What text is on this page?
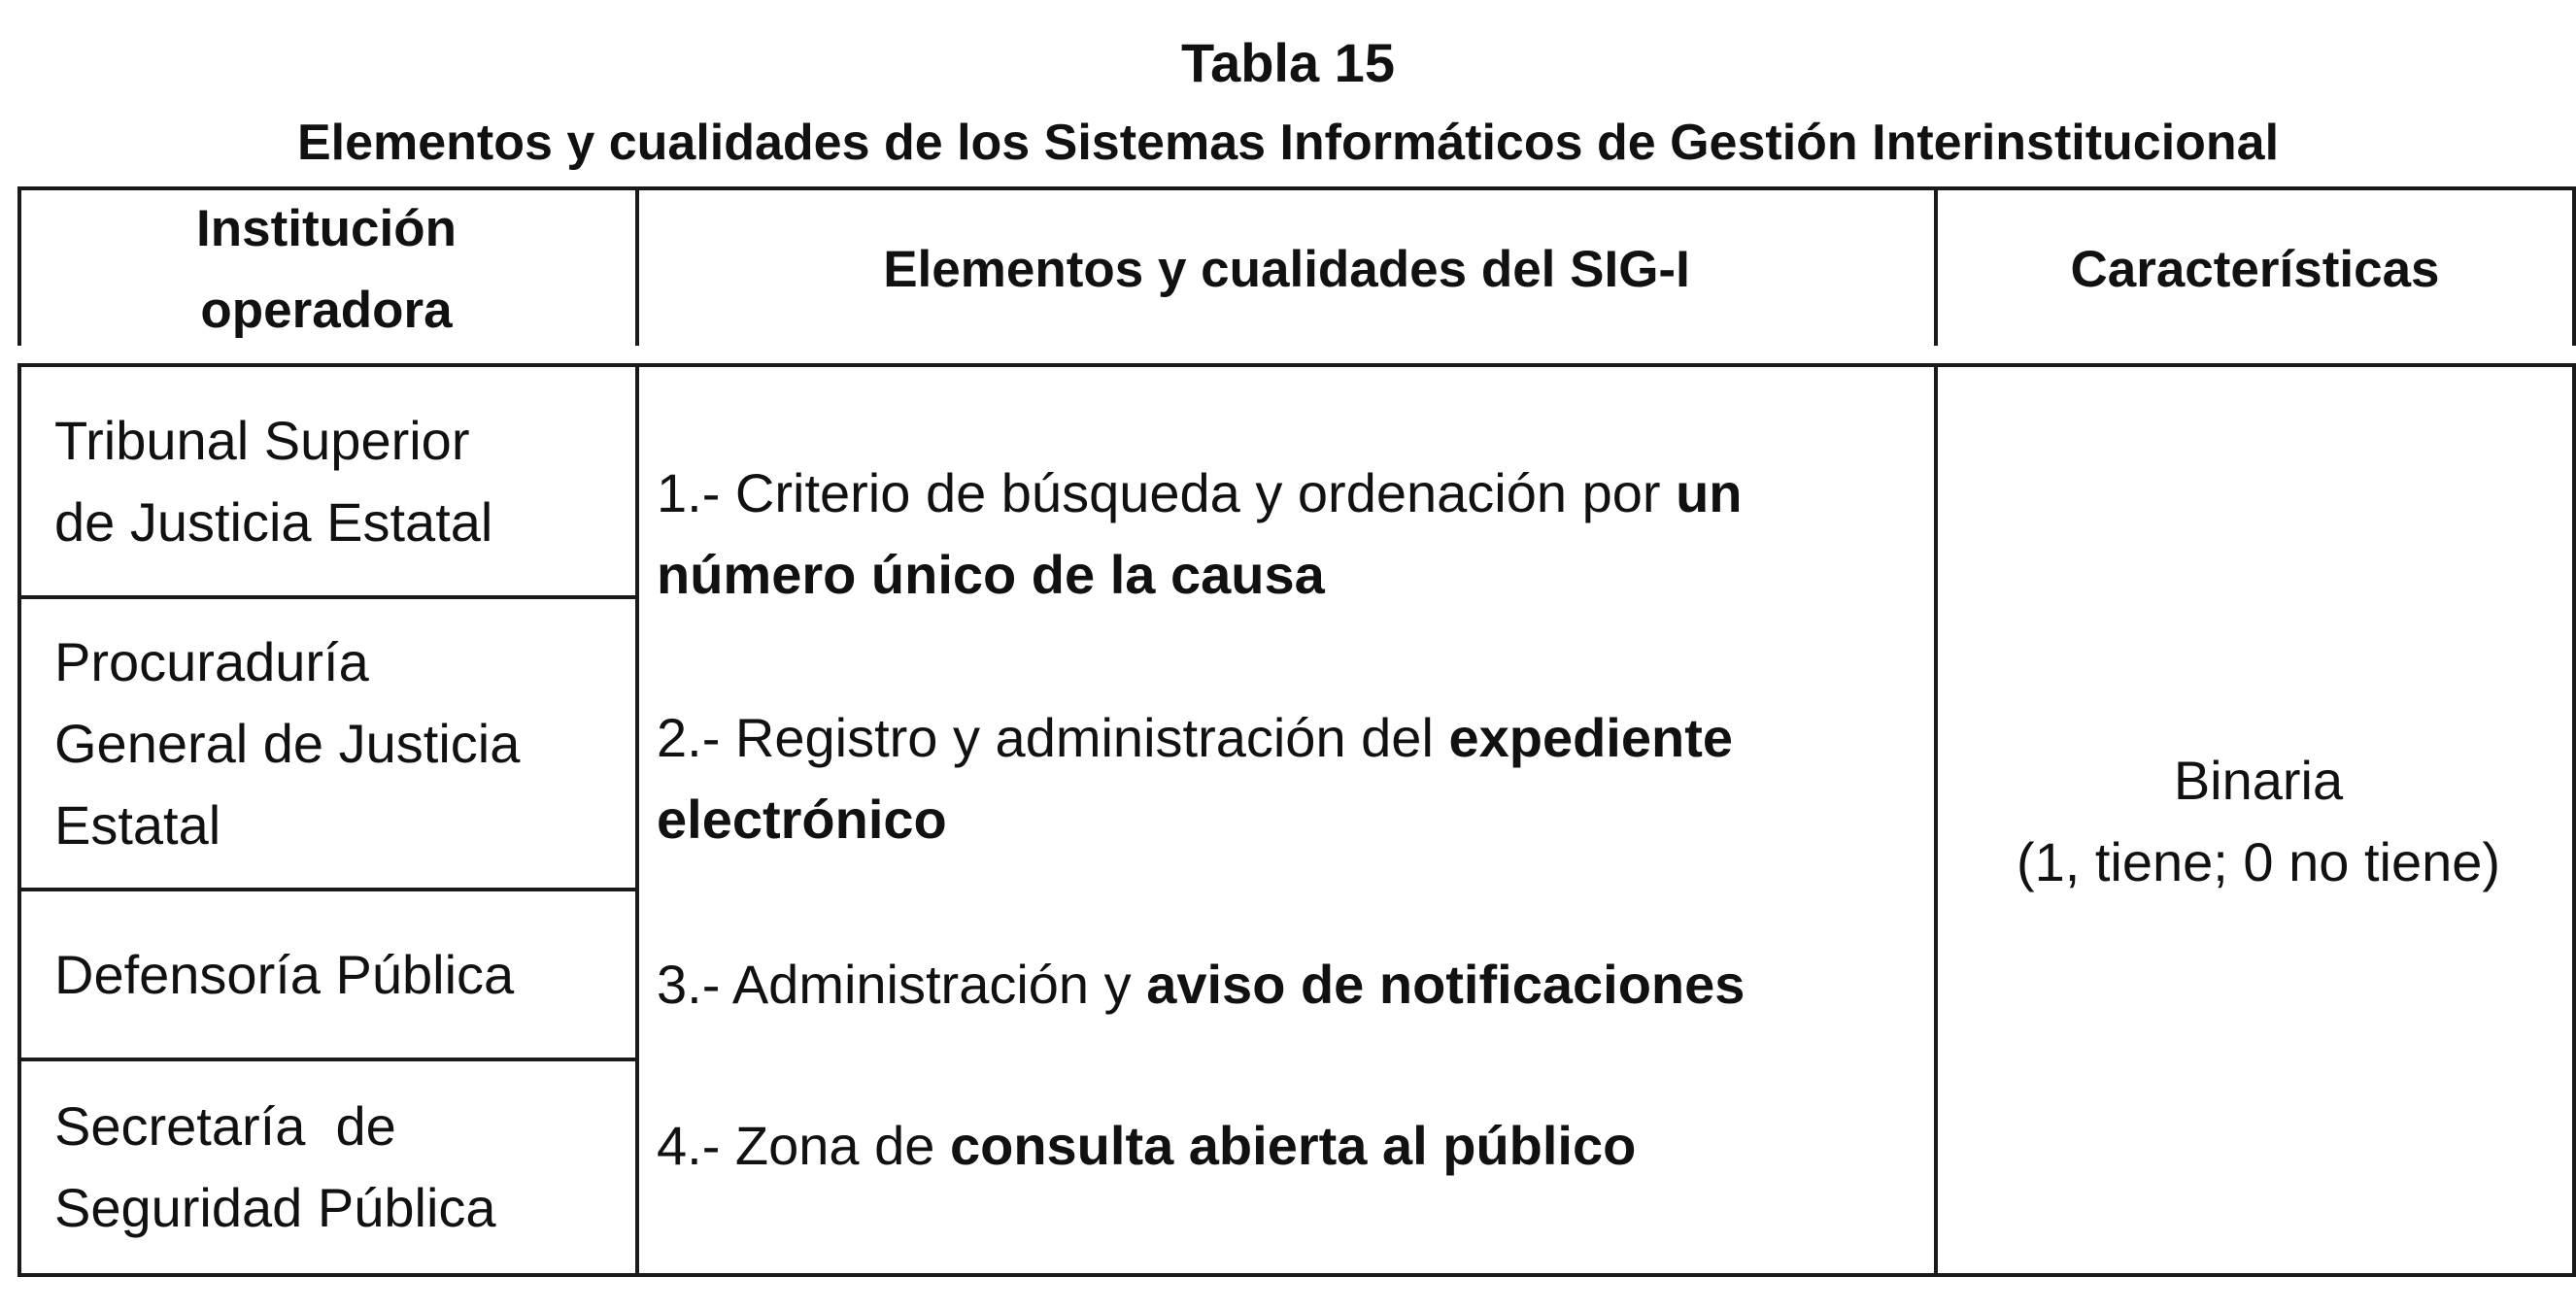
Tabla 15
Elementos y cualidades de los Sistemas Informáticos de Gestión Interinstitucional
Institución
operadora
Elementos y cualidades del SIG-I	Características
Tribunal Superior
de Justicia Estatal
Procuraduría
General de Justicia
Estatal
Defensoría Pública
Secretaría  de
Seguridad Pública
1.- Criterio de búsqueda y ordenación por un número único de la causa
2.- Registro y administración del expediente electrónico
3.- Administración y aviso de notificaciones
4.- Zona de consulta abierta al público
Binaria
(1, tiene; 0 no tiene)
